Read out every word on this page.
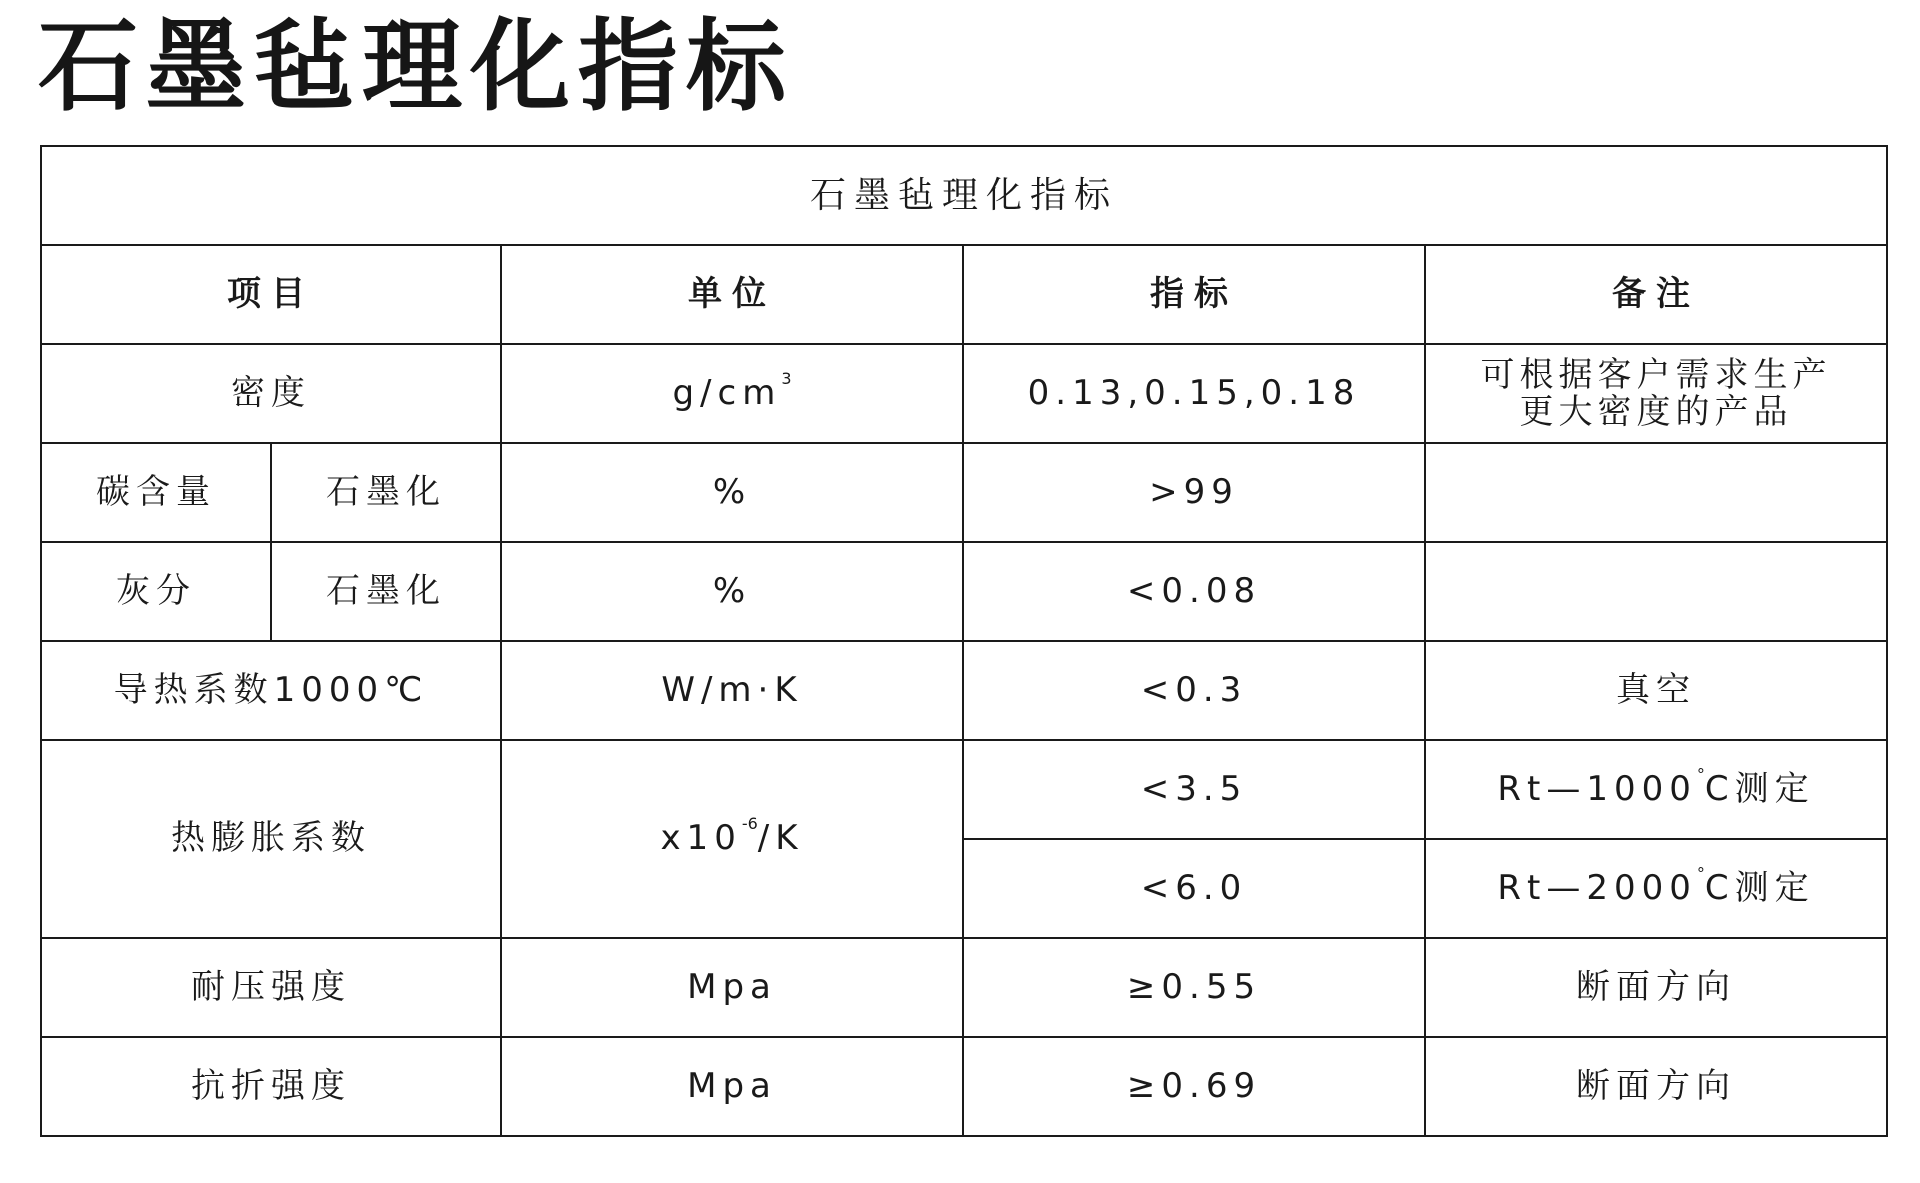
石墨毡理化指标
石墨毡理化指标				
项目		单位	指标	备注
密度		$g/cm^3$	0.13,0.15,0.18	可根据客户需求生产
更大密度的产品

碳含量	石墨化	%	>99	
灰分	石墨化	%	<0.08	
导热系数1000℃		W/m·K	<0.3	真空
热膨胀系数		$x10^{-6}/K$	<3.5	Rt—1000°C测定
			<6.0	Rt—2000°C测定
耐压强度		Mpa	≥0.55	断面方向
抗折强度		Mpa	≥0.69	断面方向
